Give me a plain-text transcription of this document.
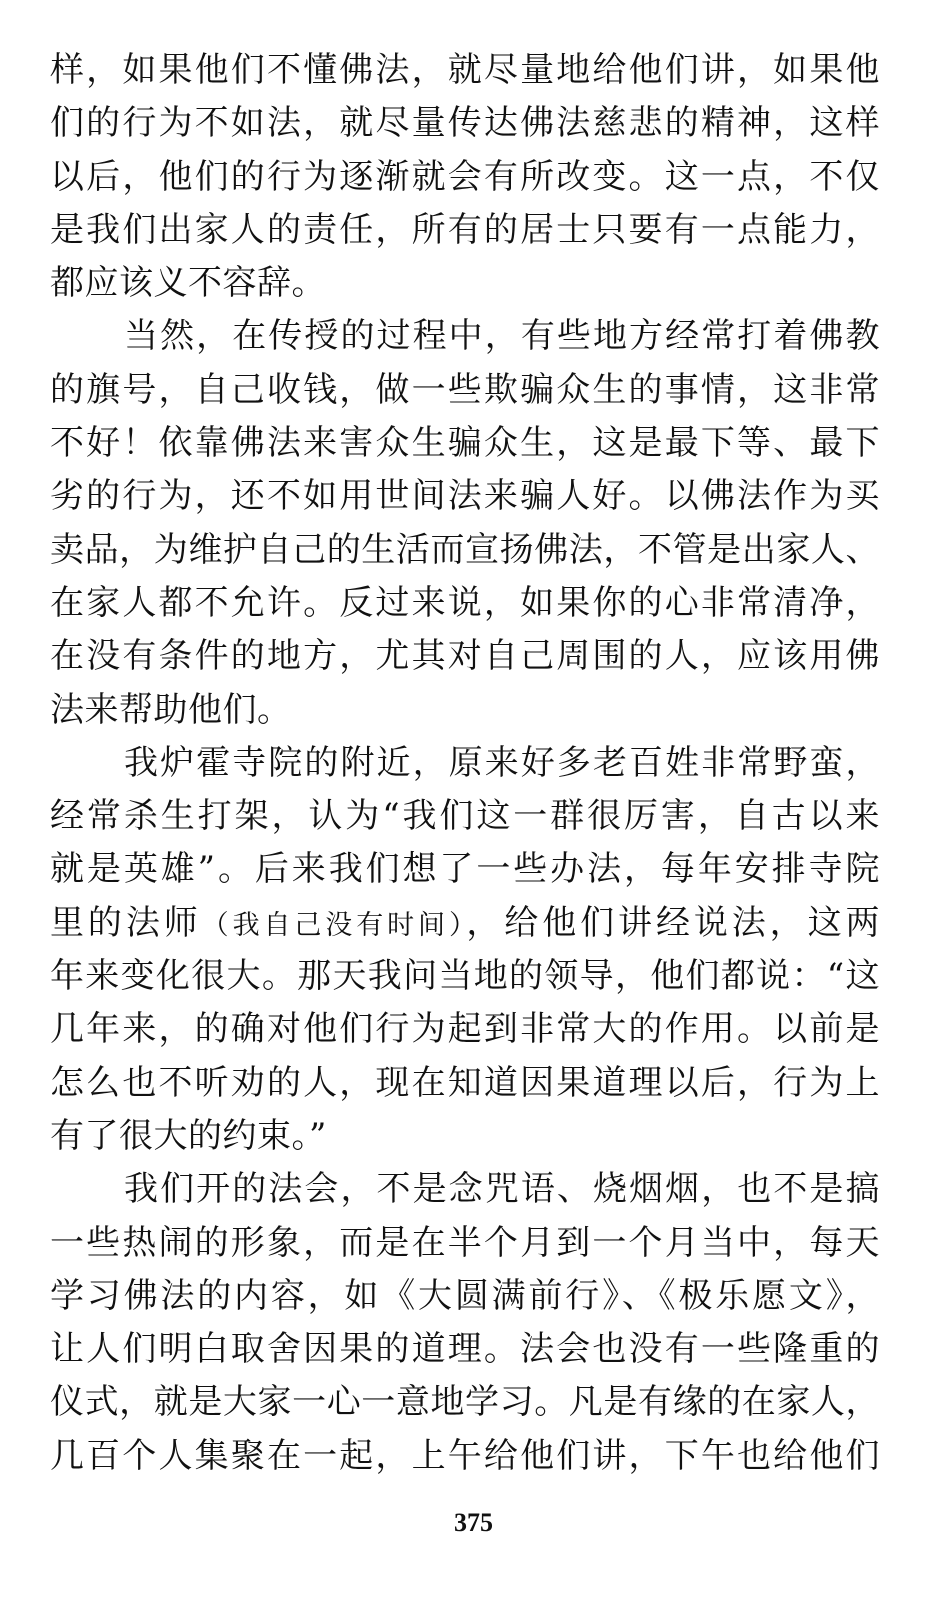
样，如果他们不懂佛法，就尽量地给他们讲，如果他
们的行为不如法，就尽量传达佛法慈悲的精神，这样
以后，他们的行为逐渐就会有所改变。这一点，不仅
是我们出家人的责任，所有的居士只要有一点能力，
都应该义不容辞。
当然，在传授的过程中，有些地方经常打着佛教
的旗号，自己收钱，做一些欺骗众生的事情，这非常
不好！依靠佛法来害众生骗众生，这是最下等、最下
劣的行为，还不如用世间法来骗人好。以佛法作为买
卖品，为维护自己的生活而宣扬佛法，不管是出家人、
在家人都不允许。反过来说，如果你的心非常清净，
在没有条件的地方，尤其对自己周围的人，应该用佛
法来帮助他们。
我炉霍寺院的附近，原来好多老百姓非常野蛮，
经常杀生打架，认为“我们这一群很厉害，自古以来
就是英雄”。后来我们想了一些办法，每年安排寺院
里的法师（我自己没有时间），给他们讲经说法，这两
年来变化很大。那天我问当地的领导，他们都说：“这
几年来，的确对他们行为起到非常大的作用。以前是
怎么也不听劝的人，现在知道因果道理以后，行为上
有了很大的约束。”
我们开的法会，不是念咒语、烧烟烟，也不是搞
一些热闹的形象，而是在半个月到一个月当中，每天
学习佛法的内容，如《大圆满前行》、《极乐愿文》，
让人们明白取舍因果的道理。法会也没有一些隆重的
仪式，就是大家一心一意地学习。凡是有缘的在家人，
几百个人集聚在一起，上午给他们讲，下午也给他们
375
